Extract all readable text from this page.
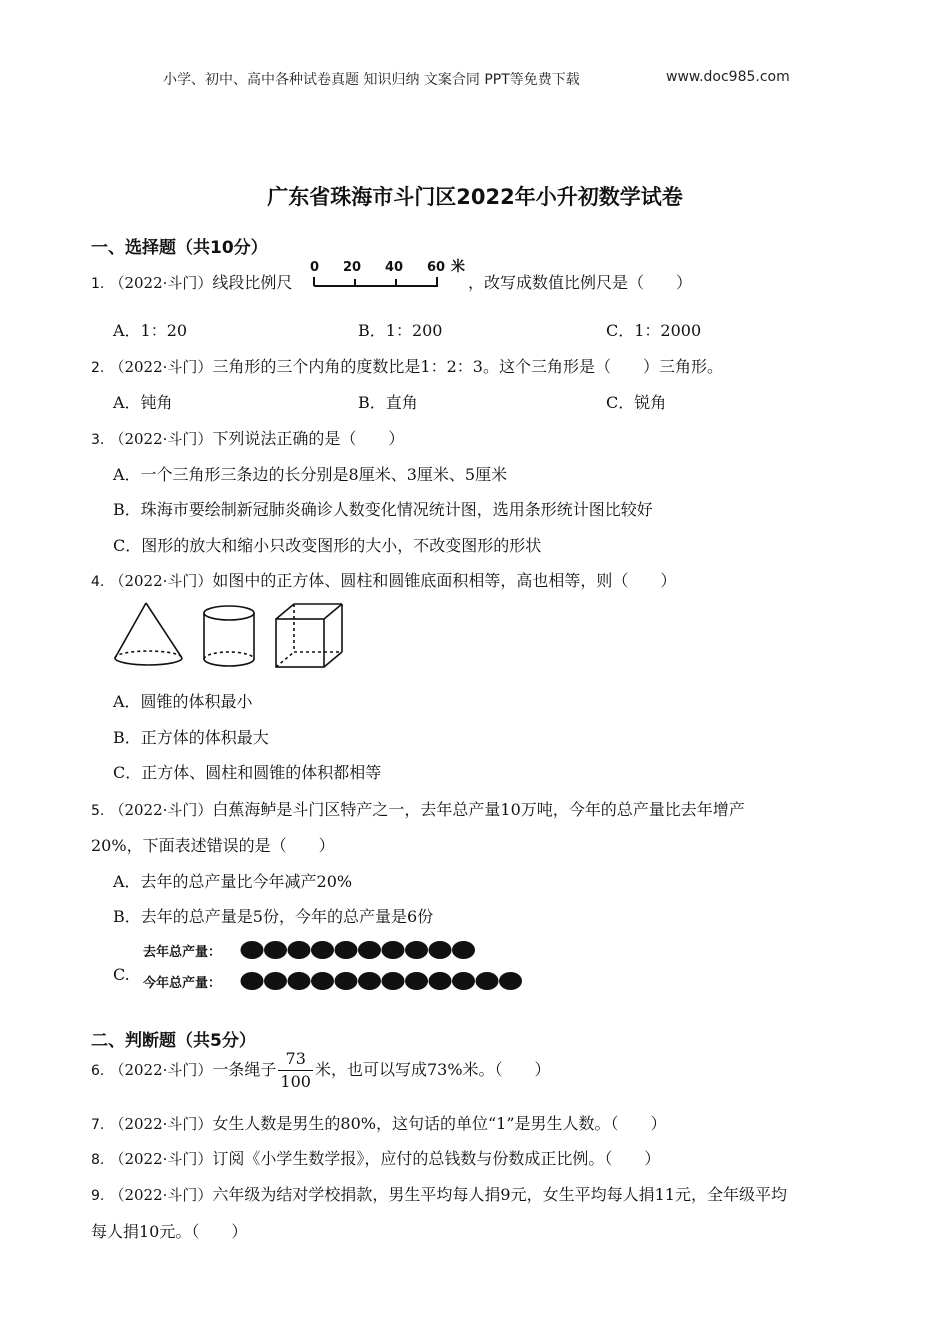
小学、初中、高中各种试卷真题 知识归纳 文案合同 PPT等免费下载	www.doc985.com
广东省珠海市斗门区2022年小升初数学试卷
一、选择题（共10分）
1. （2022·斗门）线段比例尺
0 20 40 60 米
，改写成数值比例尺是（　　）
A．1：20	B．1：200	C．1：2000
2. （2022·斗门）三角形的三个内角的度数比是1：2：3。这个三角形是（　　）三角形。
A．钝角	B．直角	C．锐角
3. （2022·斗门）下列说法正确的是（　　）
A．一个三角形三条边的长分别是8厘米、3厘米、5厘米
B．珠海市要绘制新冠肺炎确诊人数变化情况统计图，选用条形统计图比较好
C．图形的放大和缩小只改变图形的大小，不改变图形的形状
4. （2022·斗门）如图中的正方体、圆柱和圆锥底面积相等，高也相等，则（　　）
A．圆锥的体积最小
B．正方体的体积最大
C．正方体、圆柱和圆锥的体积都相等
5. （2022·斗门）白蕉海鲈是斗门区特产之一，去年总产量10万吨，今年的总产量比去年增产
20%，下面表述错误的是（　　）
A．去年的总产量比今年减产20%
B．去年的总产量是5份，今年的总产量是6份
C.
去年总产量：
今年总产量：
二、判断题（共5分）
6. （2022·斗门）一条绳子 $\frac{73}{100}$ 米，也可以写成73%米。（　　）
7. （2022·斗门）女生人数是男生的80%，这句话的单位“1”是男生人数。（　　）
8. （2022·斗门）订阅《小学生数学报》，应付的总钱数与份数成正比例。（　　）
9. （2022·斗门）六年级为结对学校捐款，男生平均每人捐9元，女生平均每人捐11元，全年级平均
每人捐10元。（　　）
